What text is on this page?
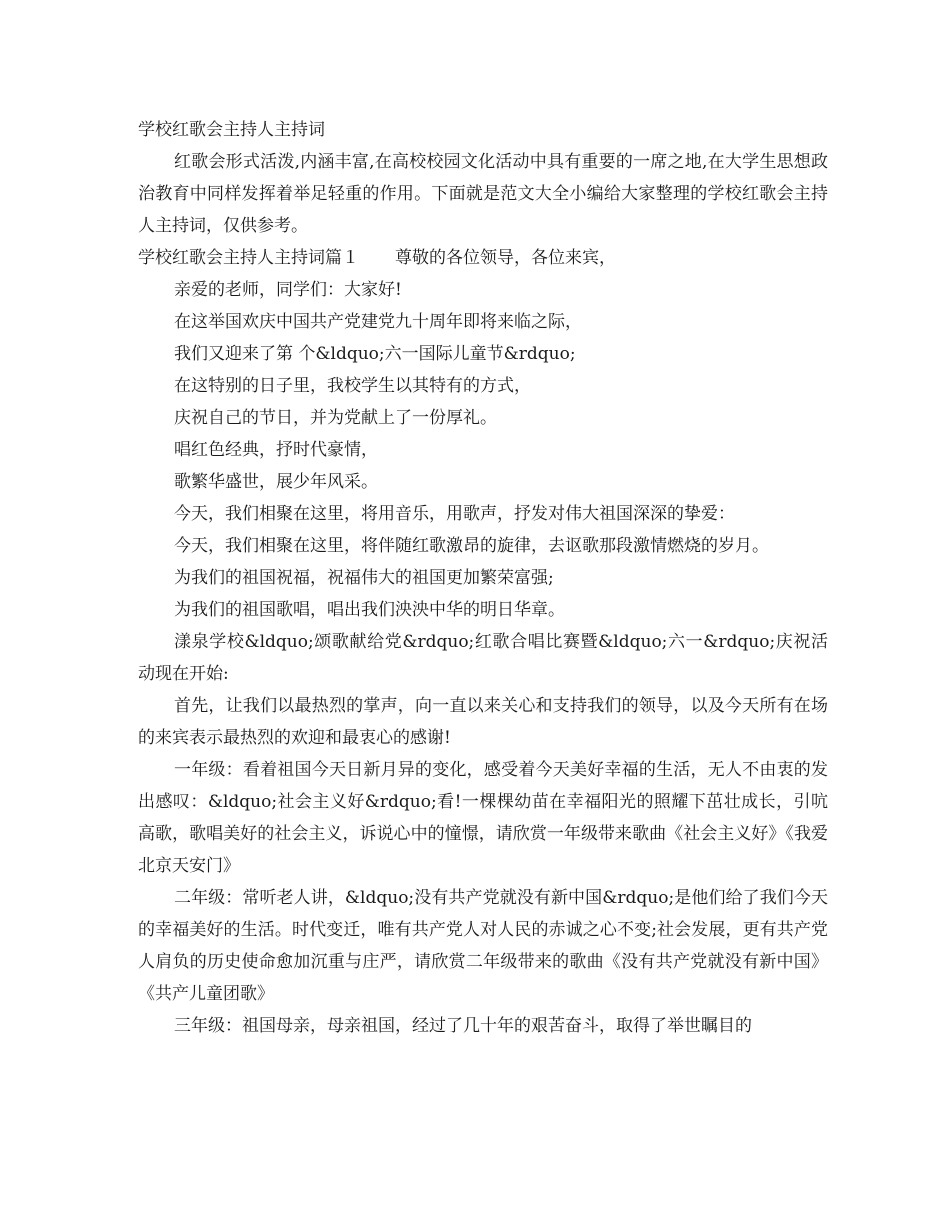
学校红歌会主持人主持词
红歌会形式活泼,内涵丰富,在高校校园文化活动中具有重要的一席之地,在大学生思想政治教育中同样发挥着举足轻重的作用。下面就是范文大全小编给大家整理的学校红歌会主持人主持词，仅供参考。
学校红歌会主持人主持词篇１ 尊敬的各位领导，各位来宾，
亲爱的老师，同学们：大家好!
在这举国欢庆中国共产党建党九十周年即将来临之际，
我们又迎来了第 个&ldquo;六一国际儿童节&rdquo;
在这特别的日子里，我校学生以其特有的方式，
庆祝自己的节日，并为党献上了一份厚礼。
唱红色经典，抒时代豪情，
歌繁华盛世，展少年风采。
今天，我们相聚在这里，将用音乐，用歌声，抒发对伟大祖国深深的挚爱：
今天，我们相聚在这里，将伴随红歌激昂的旋律，去讴歌那段激情燃烧的岁月。
为我们的祖国祝福，祝福伟大的祖国更加繁荣富强;
为我们的祖国歌唱，唱出我们泱泱中华的明日华章。
漾泉学校&ldquo;颂歌献给党&rdquo;红歌合唱比赛暨&ldquo;六一&rdquo;庆祝活动现在开始:
首先，让我们以最热烈的掌声，向一直以来关心和支持我们的领导，以及今天所有在场的来宾表示最热烈的欢迎和最衷心的感谢!
一年级：看着祖国今天日新月异的变化，感受着今天美好幸福的生活，无人不由衷的发出感叹：&ldquo;社会主义好&rdquo;看!一棵棵幼苗在幸福阳光的照耀下茁壮成长，引吭高歌，歌唱美好的社会主义，诉说心中的憧憬，请欣赏一年级带来歌曲《社会主义好》《我爱北京天安门》
二年级：常听老人讲，&ldquo;没有共产党就没有新中国&rdquo;是他们给了我们今天的幸福美好的生活。时代变迁，唯有共产党人对人民的赤诚之心不变;社会发展，更有共产党人肩负的历史使命愈加沉重与庄严，请欣赏二年级带来的歌曲《没有共产党就没有新中国》《共产儿童团歌》
三年级：祖国母亲，母亲祖国，经过了几十年的艰苦奋斗，取得了举世瞩目的
